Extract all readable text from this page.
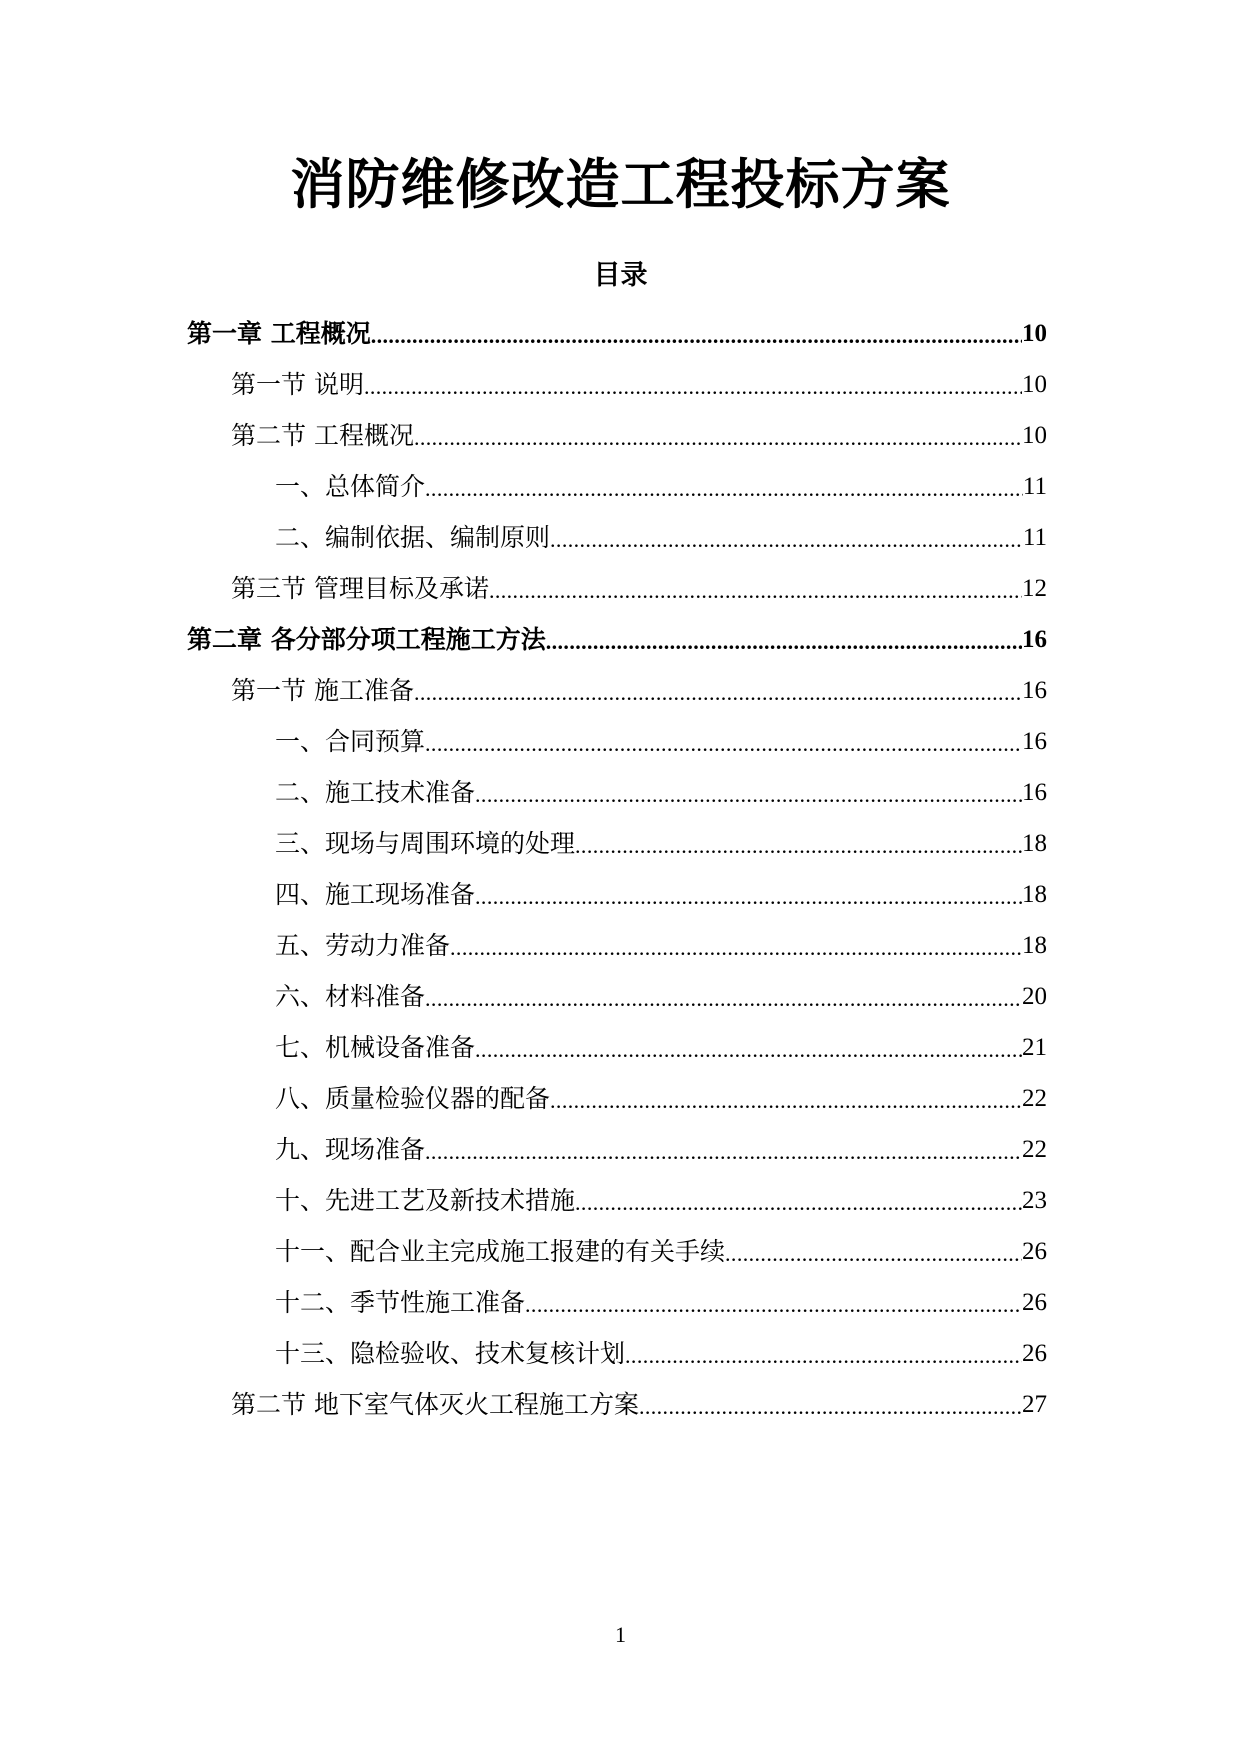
消防维修改造工程投标方案
目录
第一章 工程概况 .....	10
第一节 说明 .....	10
第二节 工程概况 .....	10
一、总体简介 .....	11
二、编制依据、编制原则 .....	11
第三节 管理目标及承诺 .....	12
第二章 各分部分项工程施工方法 .....	16
第一节 施工准备 .....	16
一、合同预算 .....	16
二、施工技术准备 .....	16
三、现场与周围环境的处理 .....	18
四、施工现场准备 .....	18
五、劳动力准备 .....	18
六、材料准备 .....	20
七、机械设备准备 .....	21
八、质量检验仪器的配备 .....	22
九、现场准备 .....	22
十、先进工艺及新技术措施 .....	23
十一、配合业主完成施工报建的有关手续 .....	26
十二、季节性施工准备 .....	26
十三、隐检验收、技术复核计划 .....	26
第二节 地下室气体灭火工程施工方案 .....	27
1
